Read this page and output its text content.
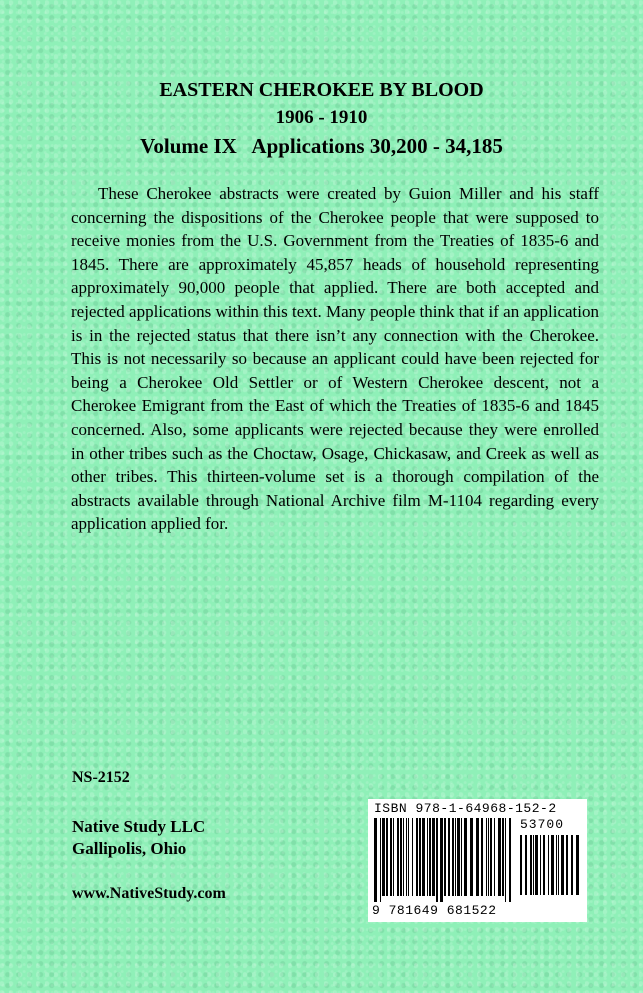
EASTERN CHEROKEE BY BLOOD
1906 - 1910
Volume IX   Applications 30,200 - 34,185

These Cherokee abstracts were created by Guion Miller and his staff concerning the dispositions of the Cherokee people that were supposed to receive monies from the U.S. Government from the Treaties of 1835-6 and 1845. There are approximately 45,857 heads of household representing approximately 90,000 people that applied. There are both accepted and rejected applications within this text. Many people think that if an application is in the rejected status that there isn’t any connection with the Cherokee. This is not necessarily so because an applicant could have been rejected for being a Cherokee Old Settler or of Western Cherokee descent, not a Cherokee Emigrant from the East of which the Treaties of 1835-6 and 1845 concerned. Also, some applicants were rejected because they were enrolled in other tribes such as the Choctaw, Osage, Chickasaw, and Creek as well as other tribes. This thirteen-volume set is a thorough compilation of the abstracts available through National Archive film M-1104 regarding every application applied for.

NS-2152
Native Study LLC
Gallipolis, Ohio
www.NativeStudy.com
ISBN 978-1-64968-152-2
53700
9 781649 681522
